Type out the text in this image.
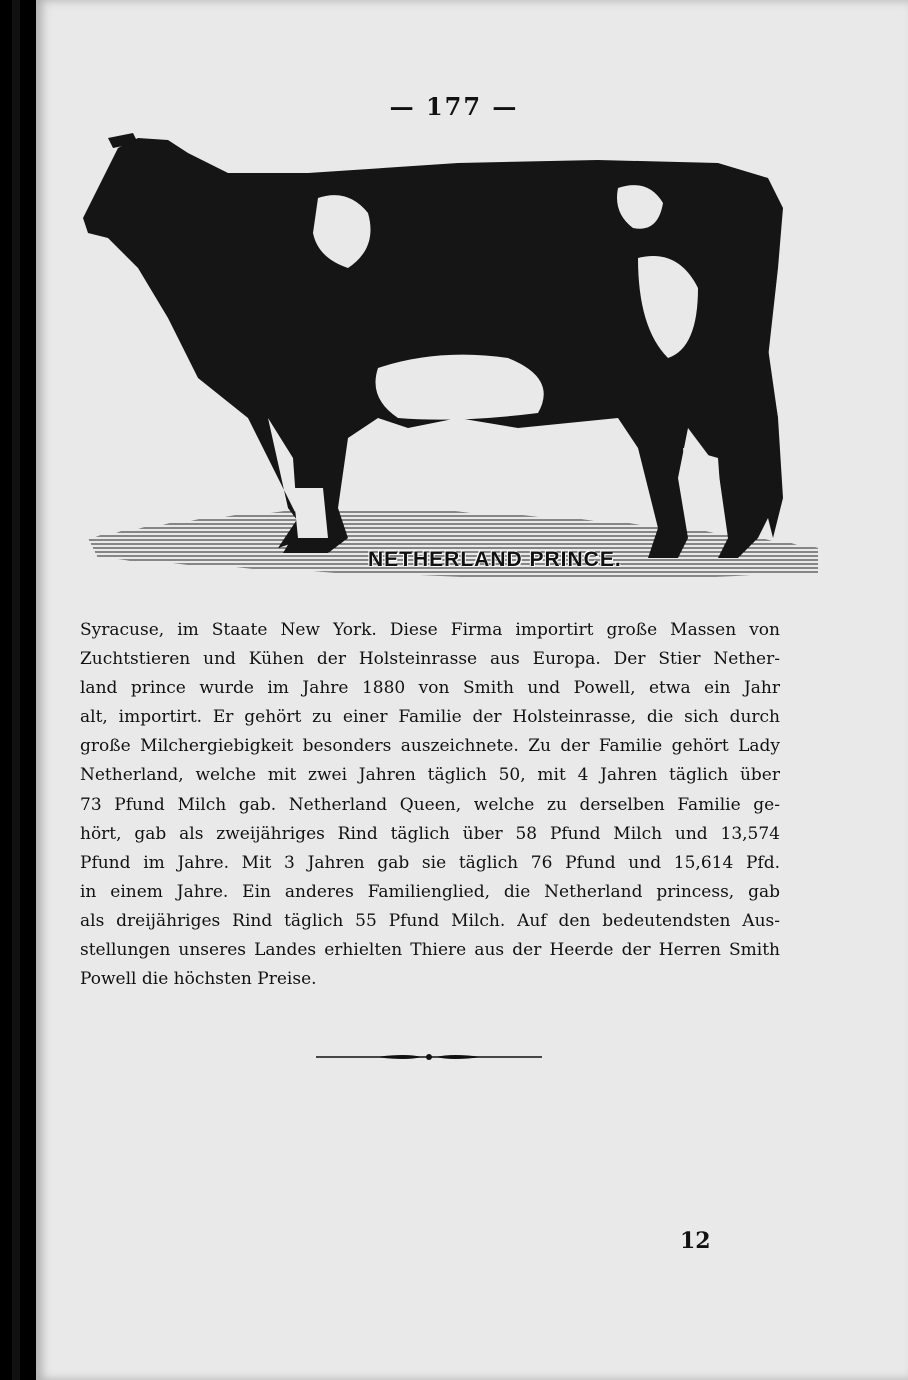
— 177 —
NETHERLAND PRINCE.
Syracuse, im Staate New York. Diese Firma importirt große Massen von
Zuchtstieren und Kühen der Holsteinrasse aus Europa. Der Stier Nether-
land prince wurde im Jahre 1880 von Smith und Powell, etwa ein Jahr
alt, importirt. Er gehört zu einer Familie der Holsteinrasse, die sich durch
große Milchergiebigkeit besonders auszeichnete. Zu der Familie gehört Lady
Netherland, welche mit zwei Jahren täglich 50, mit 4 Jahren täglich über
73 Pfund Milch gab. Netherland Queen, welche zu derselben Familie ge-
hört, gab als zweijähriges Rind täglich über 58 Pfund Milch und 13,574
Pfund im Jahre. Mit 3 Jahren gab sie täglich 76 Pfund und 15,614 Pfd.
in einem Jahre. Ein anderes Familienglied, die Netherland princess, gab
als dreijähriges Rind täglich 55 Pfund Milch. Auf den bedeutendsten Aus-
stellungen unseres Landes erhielten Thiere aus der Heerde der Herren Smith
Powell die höchsten Preise.
12
